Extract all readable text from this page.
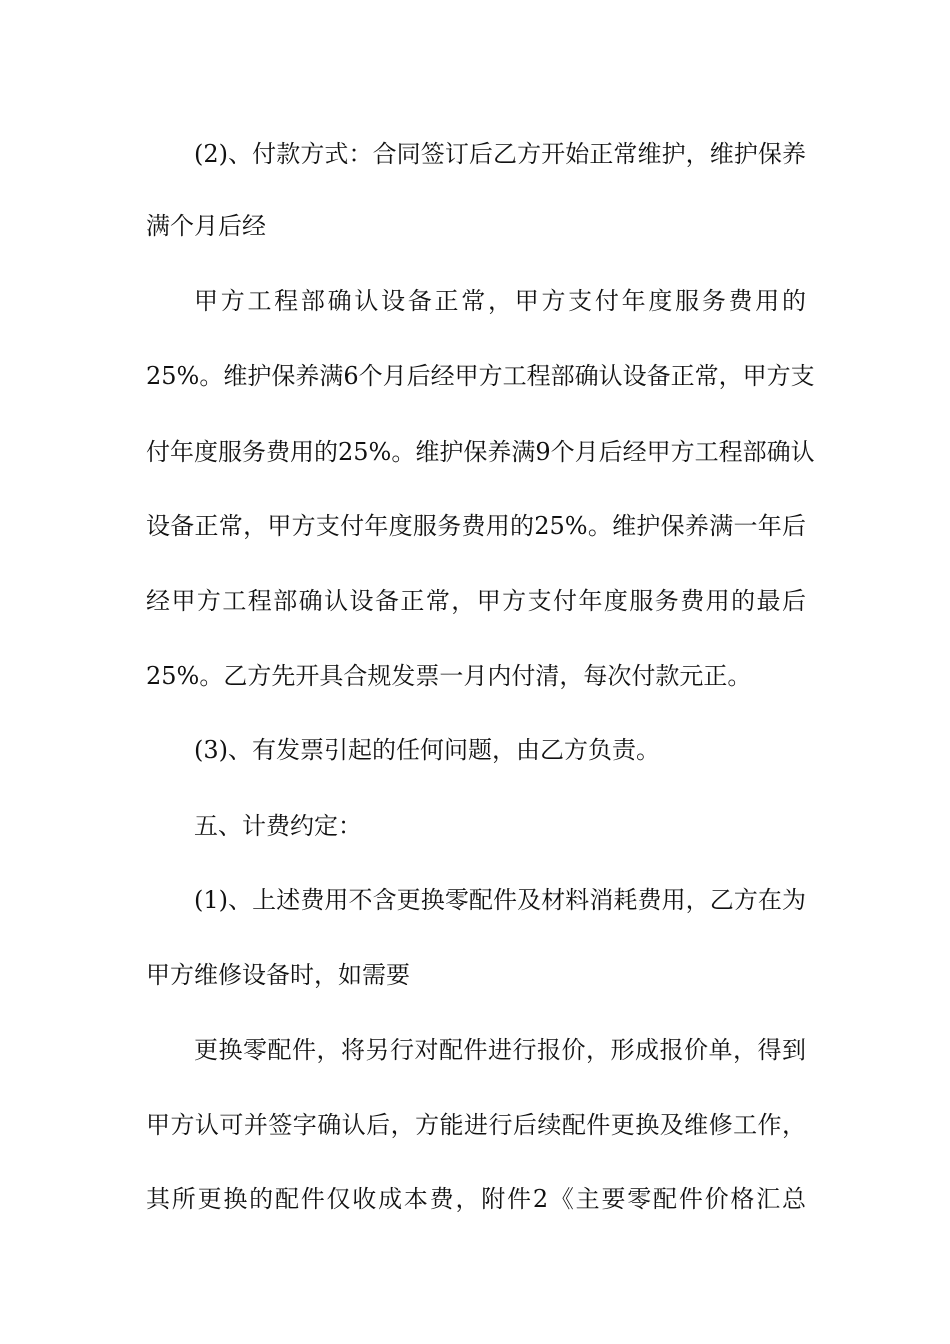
(2)、付款方式：合同签订后乙方开始正常维护，维护保养
满个月后经
甲方工程部确认设备正常，甲方支付年度服务费用的
25%。维护保养满6个月后经甲方工程部确认设备正常，甲方支
付年度服务费用的25%。维护保养满9个月后经甲方工程部确认
设备正常，甲方支付年度服务费用的25%。维护保养满一年后
经甲方工程部确认设备正常，甲方支付年度服务费用的最后
25%。乙方先开具合规发票一月内付清，每次付款元正。
(3)、有发票引起的任何问题，由乙方负责。
五、计费约定：
(1)、上述费用不含更换零配件及材料消耗费用，乙方在为
甲方维修设备时，如需要
更换零配件，将另行对配件进行报价，形成报价单，得到
甲方认可并签字确认后，方能进行后续配件更换及维修工作，
其所更换的配件仅收成本费，附件2《主要零配件价格汇总
